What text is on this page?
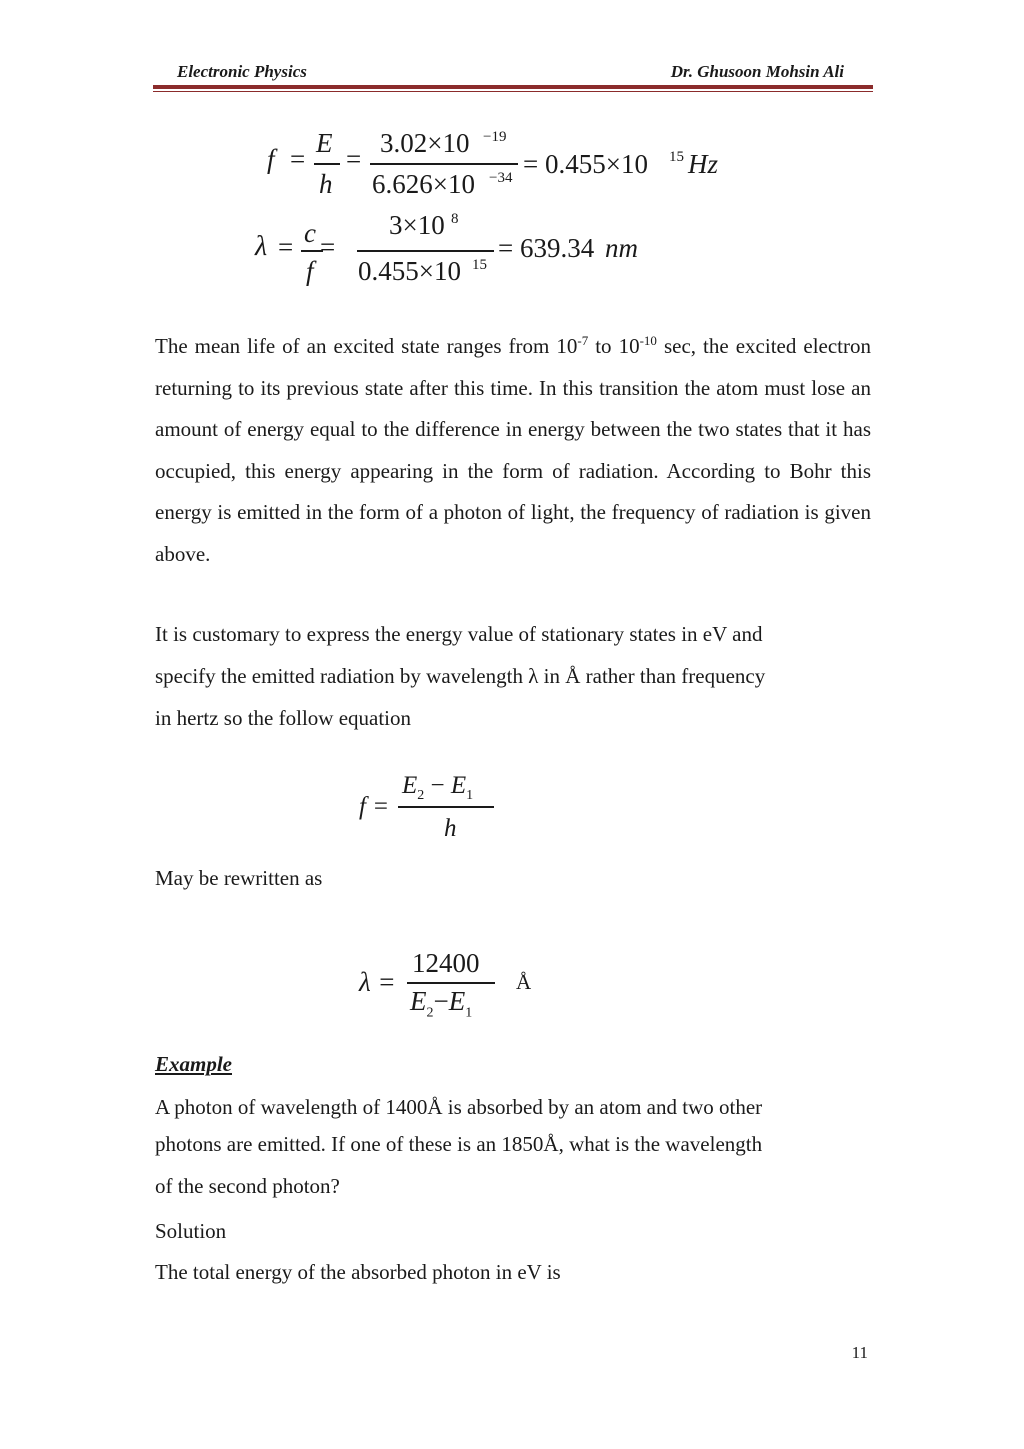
Electronic Physics	Dr. Ghusoon Mohsin Ali
f =
E
h
=
3.02×10 −19
6.626×10 −34 = 0.455×10 15 Hz
λ = c
f
=
3×10 8
0.455×10 15
= 639.34 nm
The mean life of an excited state ranges from $10^{-7}$ to $10^{-10}$ sec, the excited electron returning to its previous state after this time. In this transition the atom must lose an amount of energy equal to the difference in energy between the two states that it has occupied, this energy appearing in the form of radiation. According to Bohr this energy is emitted in the form of a photon of light, the frequency of radiation is given above.
It is customary to express the energy value of stationary states in eV and
specify the emitted radiation by wavelength λ in Å rather than frequency
in hertz so the follow equation
f =
$E_2 - E_1$
h
May be rewritten as
λ =
12400
$E_2-E_1$
Å
Example
A photon of wavelength of 1400Å is absorbed by an atom and two other
photons are emitted. If one of these is an 1850Å, what is the wavelength
of the second photon?
Solution
The total energy of the absorbed photon in eV is
11
